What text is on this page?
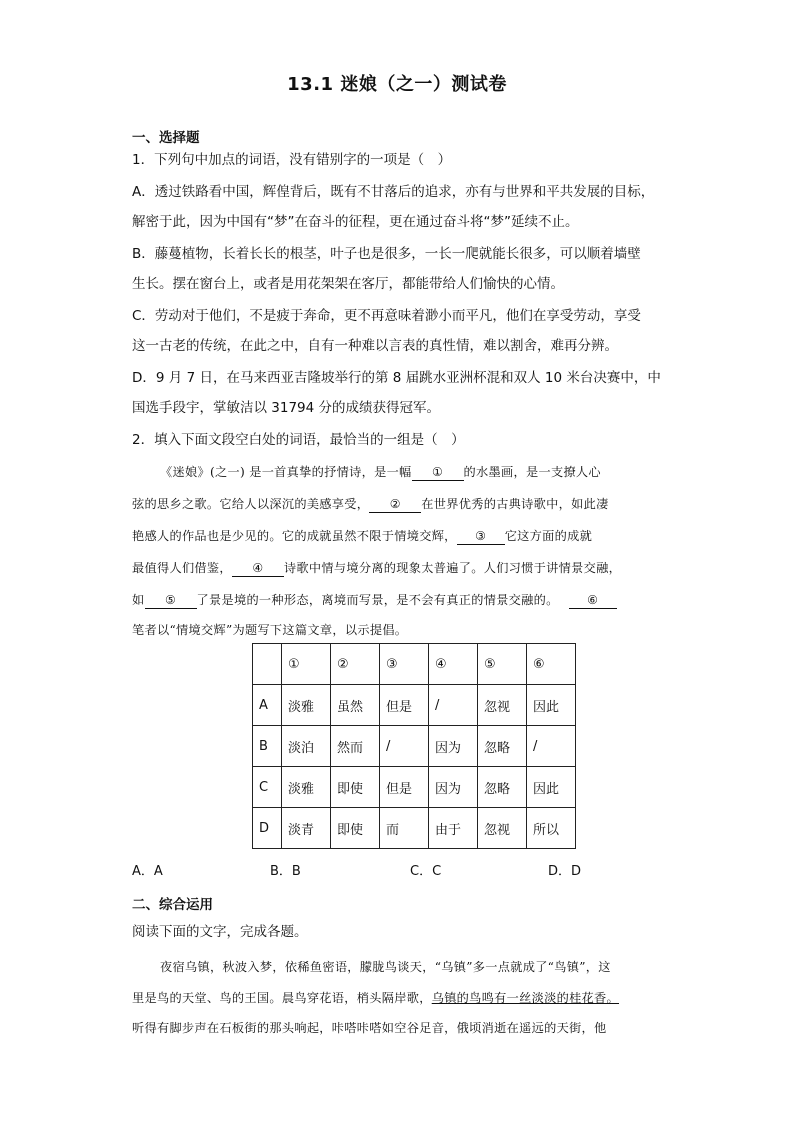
13.1 迷娘（之一）测试卷
一、选择题
1．下列句中加点的词语，没有错别字的一项是（　）
A．透过铁路看中国，辉偟背后，既有不甘落后的追求，亦有与世界和平共发展的目标，
解密于此，因为中国有“梦”在奋斗的征程，更在通过奋斗将“梦”延续不止。
B．藤蔓植物，长着长长的根茎，叶子也是很多，一长一爬就能长很多，可以顺着墙壁
生长。摆在窗台上，或者是用花架架在客厅，都能带给人们愉快的心情。
C．劳动对于他们，不是疲于奔命，更不再意味着渺小而平凡，他们在享受劳动，享受
这一古老的传统，在此之中，自有一种难以言表的真性情，难以割舍，难再分辨。
D．9 月 7 日，在马来西亚吉隆坡举行的第 8 届跳水亚洲杯混和双人 10 米台决赛中，中
国选手段宇，掌敏洁以 31794 分的成绩获得冠军。
2．填入下面文段空白处的词语，最恰当的一组是（　）
《迷娘》(之一) 是一首真挚的抒情诗，是一幅 ① 的水墨画，是一支撩人心
弦的思乡之歌。它给人以深沉的美感享受， ② 在世界优秀的古典诗歌中，如此凄
艳感人的作品也是少见的。它的成就虽然不限于情境交辉， ③ 它这方面的成就
最值得人们借鉴， ④ 诗歌中情与境分离的现象太普遍了。人们习惯于讲情景交融，
如 ⑤ 了景是境的一种形态，离境而写景，是不会有真正的情景交融的。 ⑥
笔者以“情境交辉”为题写下这篇文章，以示提倡。
	①	②	③	④	⑤	⑥
A	淡雅	虽然	但是	/	忽视	因此
B	淡泊	然而	/	因为	忽略	/
C	淡雅	即使	但是	因为	忽略	因此
D	淡青	即使	而	由于	忽视	所以
A．A	B．B	C．C	D．D
二、综合运用
阅读下面的文字，完成各题。
夜宿乌镇，秋波入梦，依稀鱼密语，朦胧鸟谈天，“乌镇”多一点就成了“鸟镇”，这
里是鸟的天堂、鸟的王国。晨鸟穿花语，梢头隔岸歌，乌镇的鸟鸣有一丝淡淡的桂花香。
听得有脚步声在石板街的那头响起，咔嗒咔嗒如空谷足音，俄顷消逝在遥远的天街，他
